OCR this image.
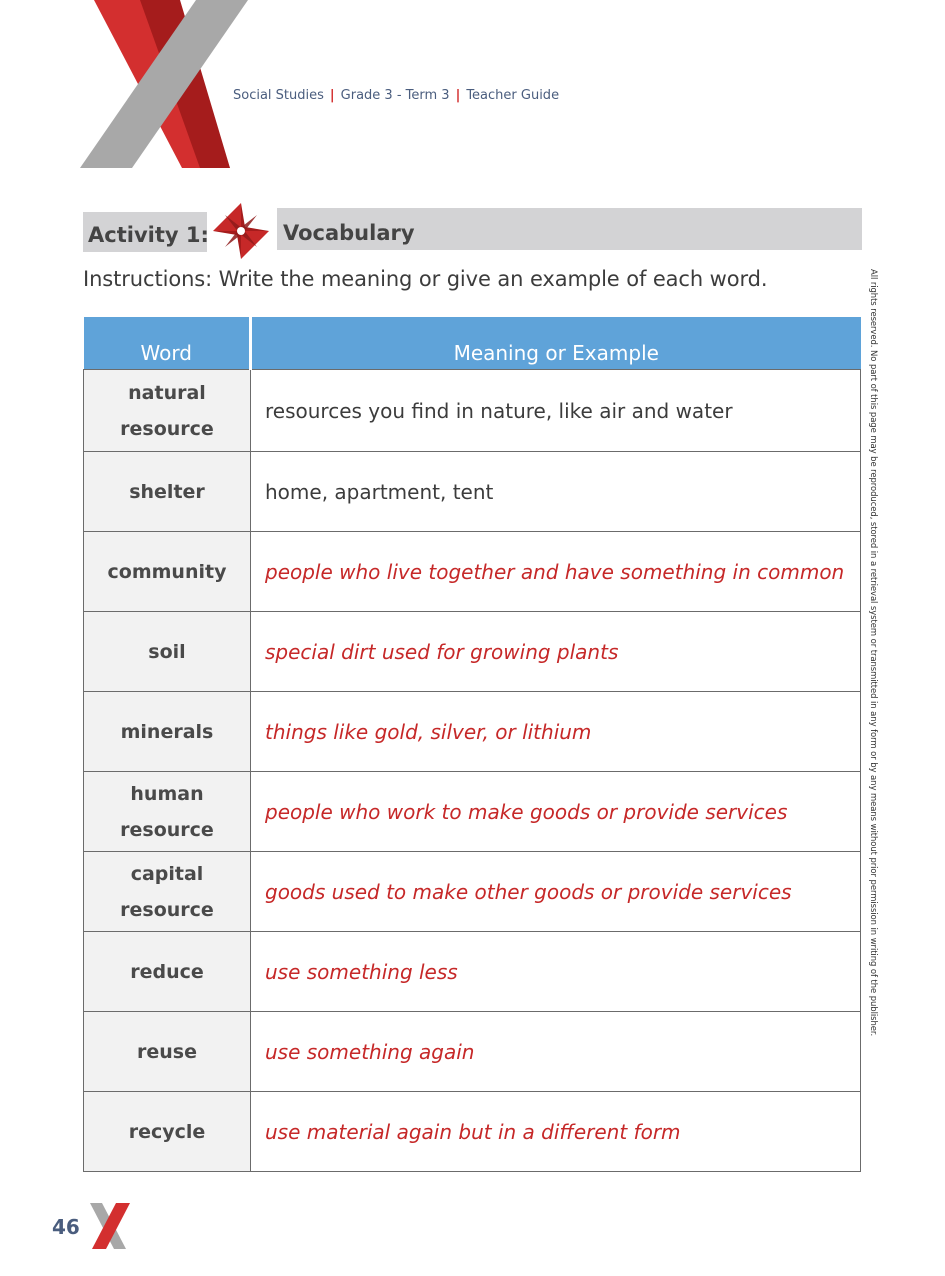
Social Studies | Grade 3 - Term 3 | Teacher Guide
Activity 1:	Vocabulary
Instructions: Write the meaning or give an example of each word.
Word	Meaning or Example
natural resource	resources you find in nature, like air and water
shelter	home, apartment, tent
community	people who live together and have something in common
soil	special dirt used for growing plants
minerals	things like gold, silver, or lithium
human resource	people who work to make goods or provide services
capital resource	goods used to make other goods or provide services
reduce	use something less
reuse	use something again
recycle	use material again but in a different form
All rights reserved. No part of this page may be reproduced, stored in a retrieval system or transmitted in any form or by any means without prior permission in writing of the publisher.
46
